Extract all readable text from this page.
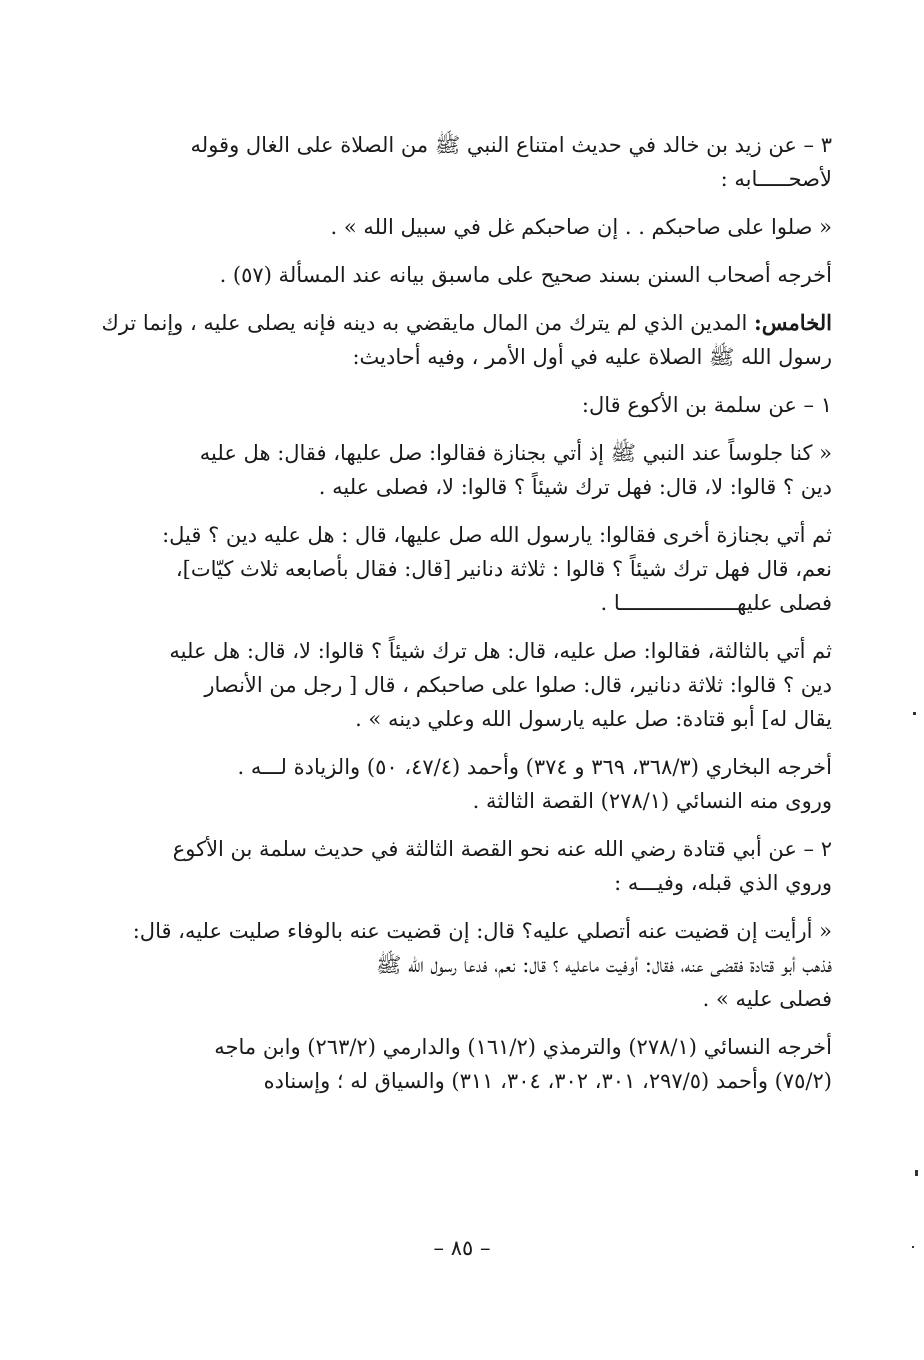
٣ – عن زيد بن خالد في حديث امتناع النبي ﷺ من الصلاة على الغال وقوله
لأصحـــــابه :

« صلوا على صاحبكم . . إن صاحبكم غل في سبيل الله » .

أخرجه أصحاب السنن بسند صحيح على ماسبق بيانه عند المسألة (٥٧) .

الخامس: المدين الذي لم يترك من المال مايقضي به دينه فإنه يصلى عليه ، وإنما ترك
رسول الله ﷺ الصلاة عليه في أول الأمر ، وفيه أحاديث:

١ – عن سلمة بن الأكوع قال:

« كنا جلوساً عند النبي ﷺ إذ أتي بجنازة فقالوا: صل عليها، فقال: هل عليه
دين ؟ قالوا: لا، قال: فهل ترك شيئاً ؟ قالوا: لا، فصلى عليه .

ثم أتي بجنازة أخرى فقالوا: يارسول الله صل عليها، قال : هل عليه دين ؟ قيل:
نعم، قال فهل ترك شيئاً ؟ قالوا : ثلاثة دنانير [قال: فقال بأصابعه ثلاث كيّات]،
فصلى عليهـــــــــــــــــــا .

ثم أتي بالثالثة، فقالوا: صل عليه، قال: هل ترك شيئاً ؟ قالوا: لا، قال: هل عليه
دين ؟ قالوا: ثلاثة دنانير، قال: صلوا على صاحبكم ، قال [ رجل من الأنصار
يقال له] أبو قتادة: صل عليه يارسول الله وعلي دينه » .

أخرجه البخاري (٣٦٨/٣، ٣٦٩ و ٣٧٤) وأحمد (٤٧/٤، ٥٠) والزيادة لـــه .
وروى منه النسائي (٢٧٨/١) القصة الثالثة .

٢ – عن أبي قتادة رضي الله عنه نحو القصة الثالثة في حديث سلمة بن الأكوع
وروي الذي قبله، وفيـــه :

« أرأيت إن قضيت عنه أتصلي عليه؟ قال: إن قضيت عنه بالوفاء صليت عليه، قال:
فذهب أبو قتادة فقضى عنه، فقال: أوفيت ماعليه ؟ قال: نعم، فدعا رسول الله ﷺ
فصلى عليه » .

أخرجه النسائي (٢٧٨/١) والترمذي (١٦١/٢) والدارمي (٢٦٣/٢) وابن ماجه
(٧٥/٢) وأحمد (٢٩٧/٥، ٣٠١، ٣٠٢، ٣٠٤، ٣١١) والسياق له ؛ وإسناده

– ٨٥ –
